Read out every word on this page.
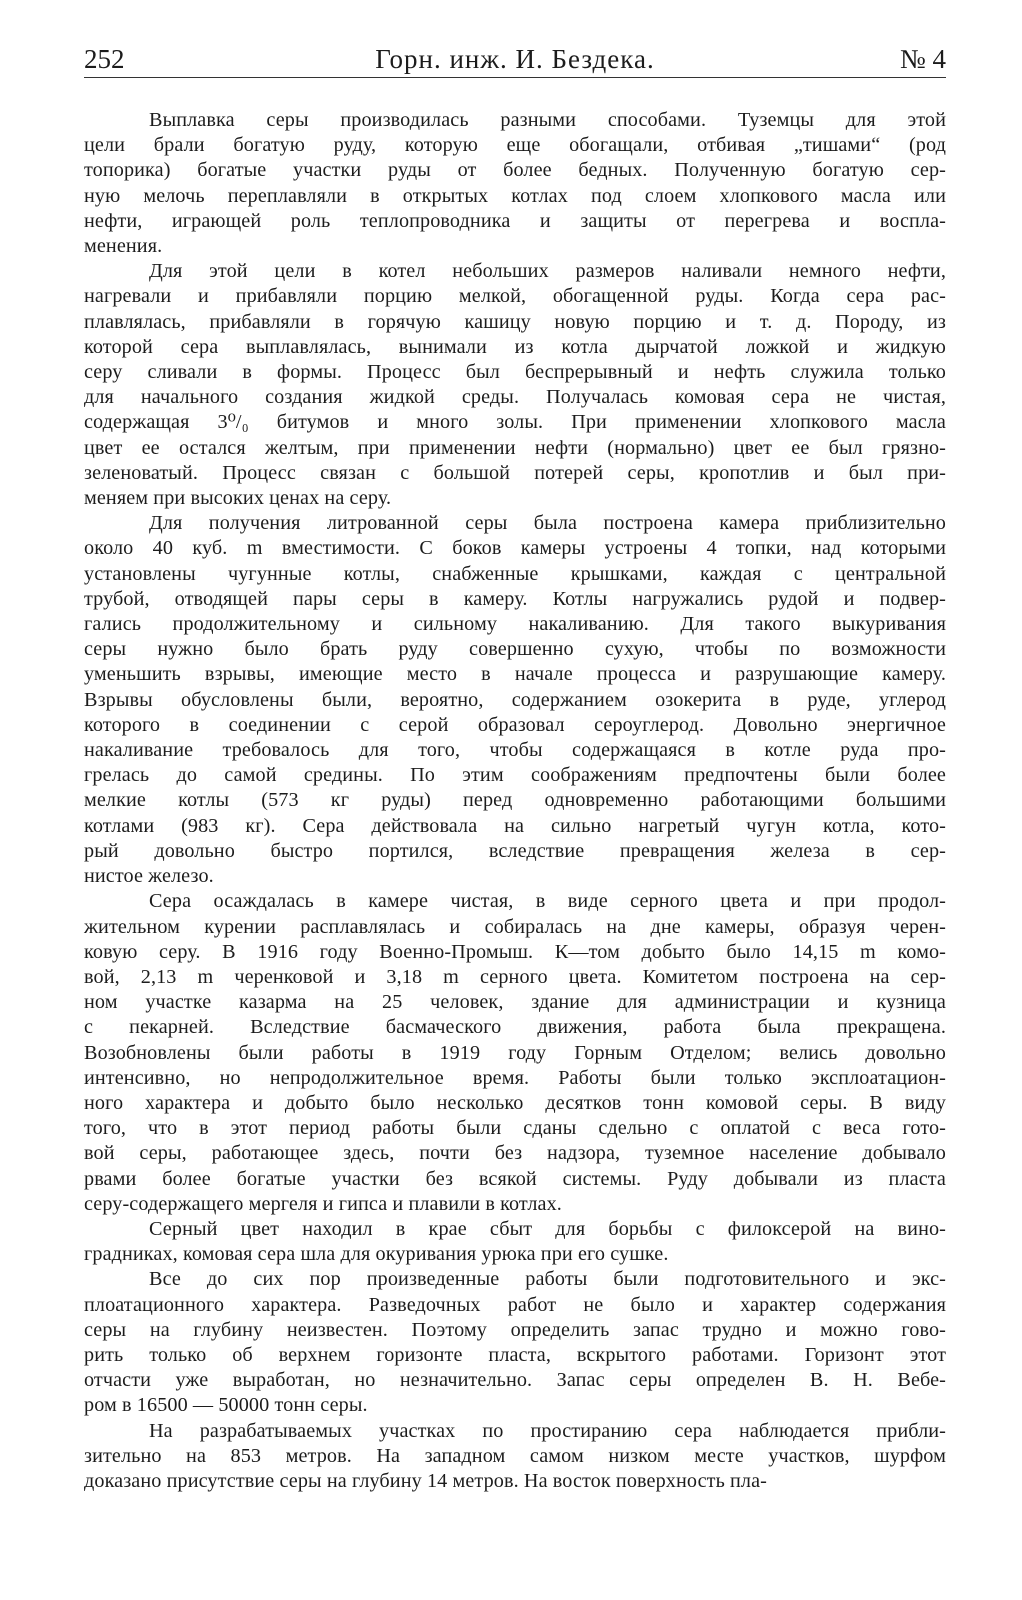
252	Горн. инж. И. Бездека.	№ 4

Выплавка серы производилась разными способами. Туземцы для этой
цели брали богатую руду, которую еще обогащали, отбивая „тишами“ (род
топорика) богатые участки руды от более бедных. Полученную богатую сер-
ную мелочь переплавляли в открытых котлах под слоем хлопкового масла или
нефти, играющей роль теплопроводника и защиты от перегрева и воспла-
менения.

Для этой цели в котел небольших размеров наливали немного нефти,
нагревали и прибавляли порцию мелкой, обогащенной руды. Когда сера рас-
плавлялась, прибавляли в горячую кашицу новую порцию и т. д. Породу, из
которой сера выплавлялась, вынимали из котла дырчатой ложкой и жидкую
серу сливали в формы. Процесс был беспрерывный и нефть служила только
для начального создания жидкой среды. Получалась комовая сера не чистая,
содержащая 3⁰/₀ битумов и много золы. При применении хлопкового масла
цвет ее остался желтым, при применении нефти (нормально) цвет ее был грязно-
зеленоватый. Процесс связан с большой потерей серы, кропотлив и был при-
меняем при высоких ценах на серу.

Для получения литрованной серы была построена камера приблизительно
около 40 куб. m вместимости. С боков камеры устроены 4 топки, над которыми
установлены чугунные котлы, снабженные крышками, каждая с центральной
трубой, отводящей пары серы в камеру. Котлы нагружались рудой и подвер-
гались продолжительному и сильному накаливанию. Для такого выкуривания
серы нужно было брать руду совершенно сухую, чтобы по возможности
уменьшить взрывы, имеющие место в начале процесса и разрушающие камеру.
Взрывы обусловлены были, вероятно, содержанием озокерита в руде, углерод
которого в соединении с серой образовал сероуглерод. Довольно энергичное
накаливание требовалось для того, чтобы содержащаяся в котле руда про-
грелась до самой средины. По этим соображениям предпочтены были более
мелкие котлы (573 кг руды) перед одновременно работающими большими
котлами (983 кг). Сера действовала на сильно нагретый чугун котла, кото-
рый довольно быстро портился, вследствие превращения железа в сер-
нистое железо.

Сера осаждалась в камере чистая, в виде серного цвета и при продол-
жительном курении расплавлялась и собиралась на дне камеры, образуя черен-
ковую серу. В 1916 году Военно-Промыш. К—том добыто было 14,15 m комо-
вой, 2,13 m черенковой и 3,18 m серного цвета. Комитетом построена на сер-
ном участке казарма на 25 человек, здание для администрации и кузница
с пекарней. Вследствие басмаческого движения, работа была прекращена.
Возобновлены были работы в 1919 году Горным Отделом; велись довольно
интенсивно, но непродолжительное время. Работы были только эксплоатацион-
ного характера и добыто было несколько десятков тонн комовой серы. В виду
того, что в этот период работы были сданы сдельно с оплатой с веса гото-
вой серы, работающее здесь, почти без надзора, туземное население добывало
рвами более богатые участки без всякой системы. Руду добывали из пласта
серу-содержащего мергеля и гипса и плавили в котлах.

Серный цвет находил в крае сбыт для борьбы с филоксерой на вино-
градниках, комовая сера шла для окуривания урюка при его сушке.

Все до сих пор произведенные работы были подготовительного и экс-
плоатационного характера. Разведочных работ не было и характер содержания
серы на глубину неизвестен. Поэтому определить запас трудно и можно гово-
рить только об верхнем горизонте пласта, вскрытого работами. Горизонт этот
отчасти уже выработан, но незначительно. Запас серы определен В. Н. Вебе-
ром в 16500 — 50000 тонн серы.

На разрабатываемых участках по простиранию сера наблюдается прибли-
зительно на 853 метров. На западном самом низком месте участков, шурфом
доказано присутствие серы на глубину 14 метров. На восток поверхность пла-
